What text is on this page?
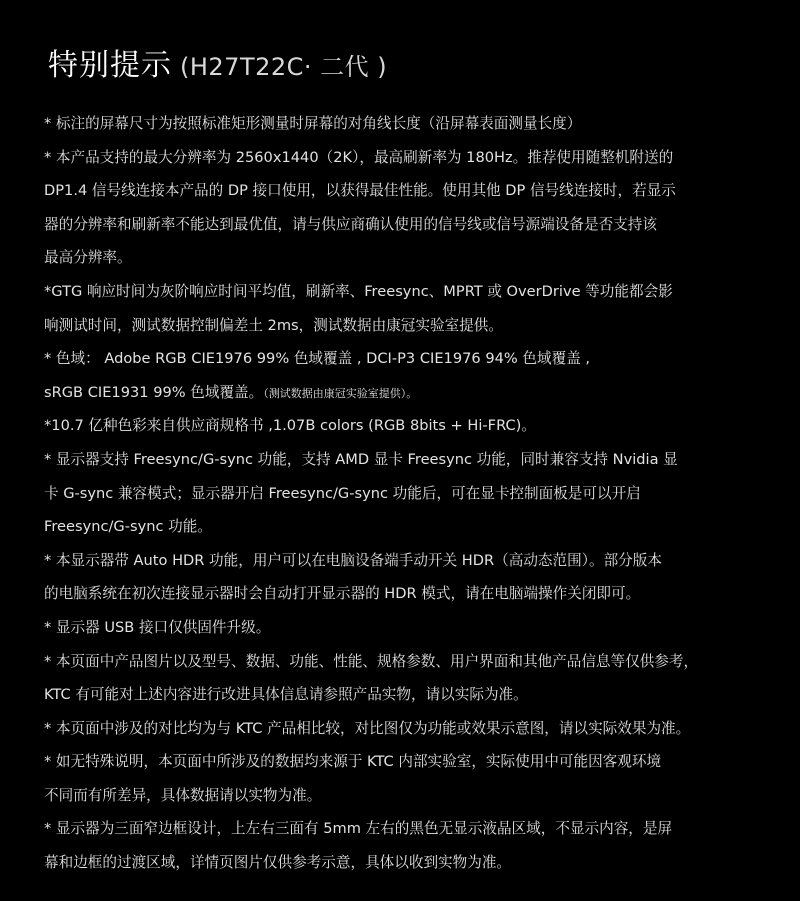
特别提示 (H27T22C· 二代 )
* 标注的屏幕尺寸为按照标准矩形测量时屏幕的对角线长度（沿屏幕表面测量长度）
* 本产品支持的最大分辨率为 2560x1440（2K），最高刷新率为 180Hz。推荐使用随整机附送的
DP1.4 信号线连接本产品的 DP 接口使用，以获得最佳性能。使用其他 DP 信号线连接时，若显示
器的分辨率和刷新率不能达到最优值，请与供应商确认使用的信号线或信号源端设备是否支持该
最高分辨率。
*GTG 响应时间为灰阶响应时间平均值，刷新率、Freesync、MPRT 或 OverDrive 等功能都会影
响测试时间，测试数据控制偏差土 2ms，测试数据由康冠实验室提供。
* 色域： Adobe RGB CIE1976 99% 色域覆盖 , DCI-P3 CIE1976 94% 色域覆盖 ,
sRGB CIE1931 99% 色域覆盖。（测试数据由康冠实验室提供）。
*10.7 亿种色彩来自供应商规格书 ,1.07B colors (RGB 8bits + Hi-FRC)。
* 显示器支持 Freesync/G-sync 功能，支持 AMD 显卡 Freesync 功能，同时兼容支持 Nvidia 显
卡 G-sync 兼容模式；显示器开启 Freesync/G-sync 功能后，可在显卡控制面板是可以开启
Freesync/G-sync 功能。
* 本显示器带 Auto HDR 功能，用户可以在电脑设备端手动开关 HDR（高动态范围）。部分版本
的电脑系统在初次连接显示器时会自动打开显示器的 HDR 模式，请在电脑端操作关闭即可。
* 显示器 USB 接口仅供固件升级。
* 本页面中产品图片以及型号、数据、功能、性能、规格参数、用户界面和其他产品信息等仅供参考，
KTC 有可能对上述内容进行改进具体信息请参照产品实物，请以实际为准。
* 本页面中涉及的对比均为与 KTC 产品相比较，对比图仅为功能或效果示意图，请以实际效果为准。
* 如无特殊说明，本页面中所涉及的数据均来源于 KTC 内部实验室，实际使用中可能因客观环境
不同而有所差异，具体数据请以实物为准。
* 显示器为三面窄边框设计，上左右三面有 5mm 左右的黑色无显示液晶区域，不显示内容，是屏
幕和边框的过渡区域，详情页图片仅供参考示意，具体以收到实物为准。
